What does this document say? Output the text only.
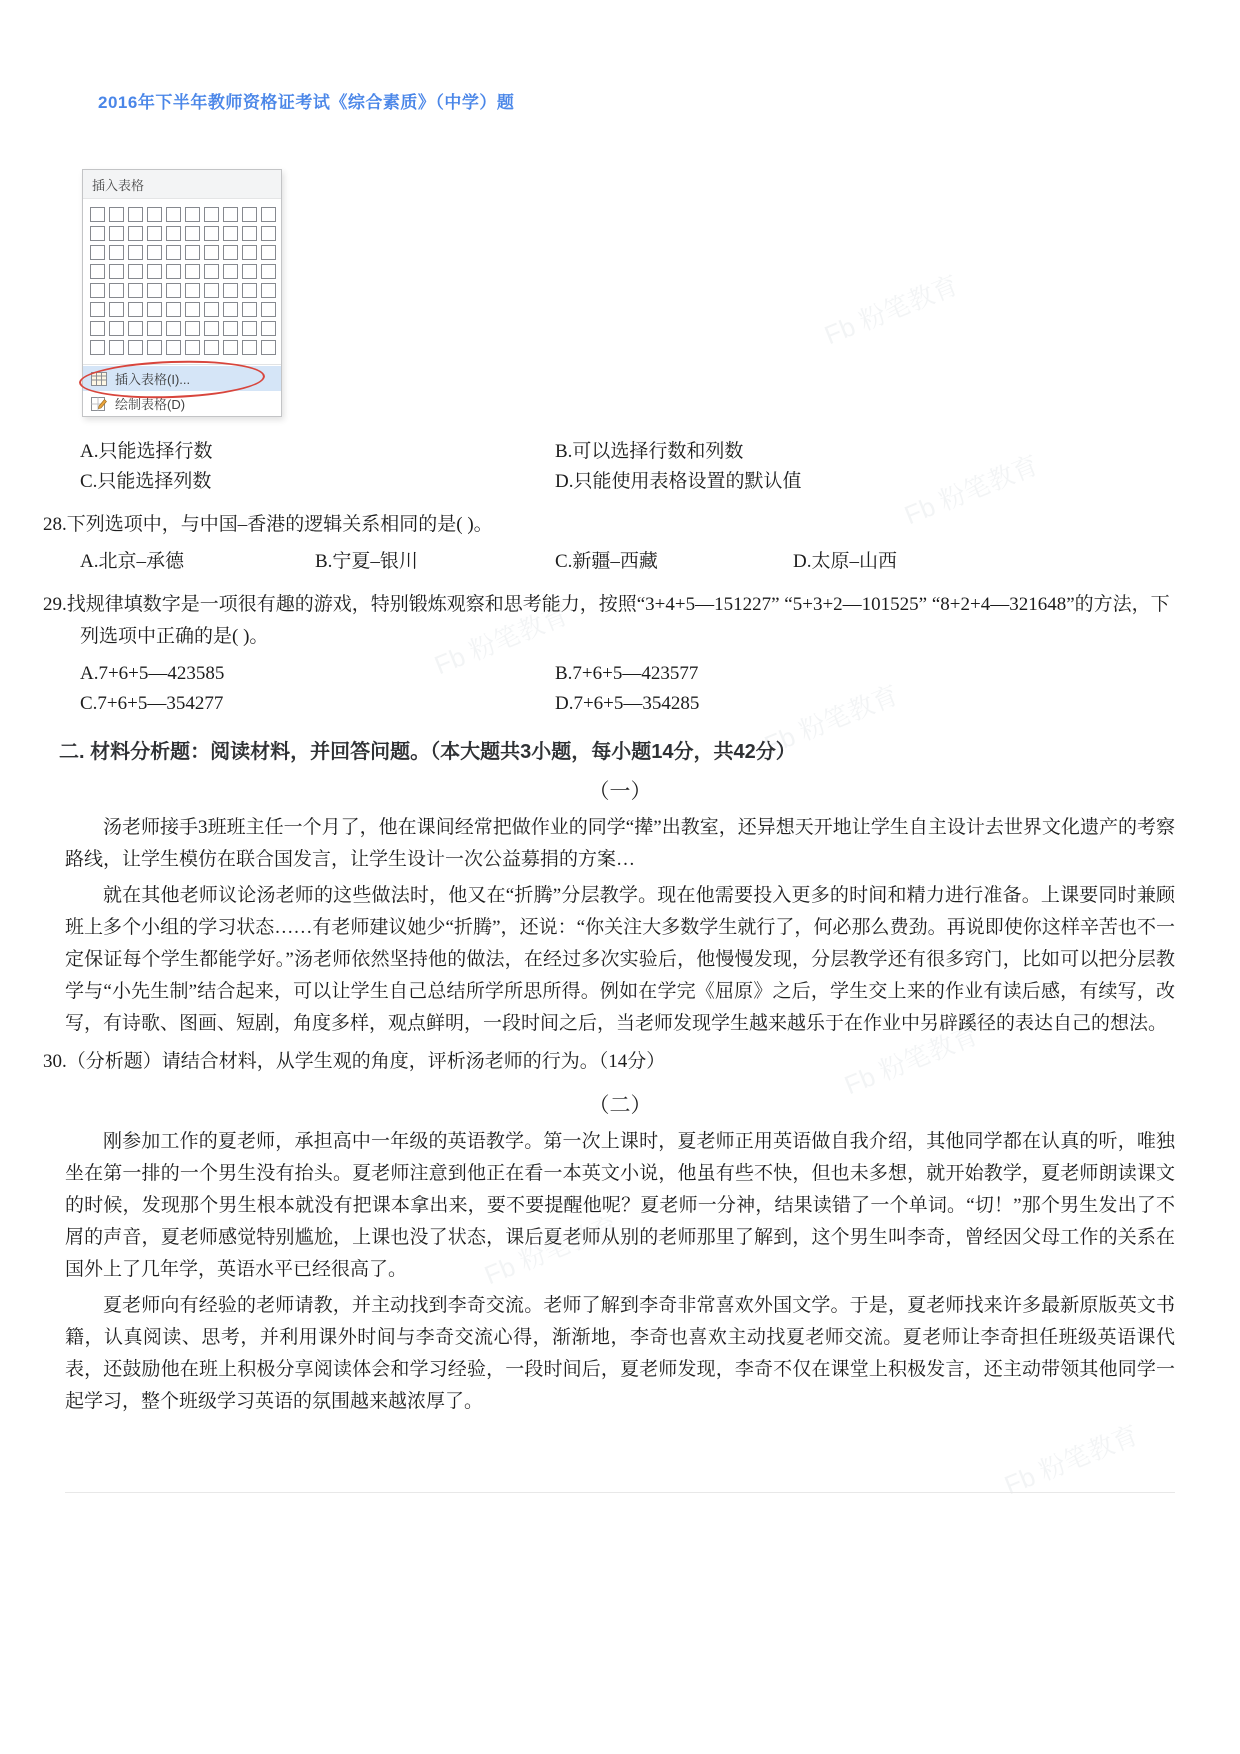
Fb 粉笔教育
Fb 粉笔教育
Fb 粉笔教育
Fb 粉笔教育
Fb 粉笔教育
Fb 粉笔教育
Fb 粉笔教育
2016年下半年教师资格证考试《综合素质》（中学）题
插入表格
插入表格(I)...
绘制表格(D)
A.只能选择行数	B.可以选择行数和列数
C.只能选择列数	D.只能使用表格设置的默认值

28.下列选项中，与中国–香港的逻辑关系相同的是( )。

A.北京–承德	B.宁夏–银川	C.新疆–西藏	D.太原–山西

29.找规律填数字是一项很有趣的游戏，特别锻炼观察和思考能力，按照“3+4+5—151227” “5+3+2—101525” “8+2+4—321648”的方法，下列选项中正确的是( )。

A.7+6+5—423585	B.7+6+5—423577
C.7+6+5—354277	D.7+6+5—354285
二. 材料分析题：阅读材料，并回答问题。（本大题共3小题，每小题14分，共42分）
（一）

汤老师接手3班班主任一个月了，他在课间经常把做作业的同学“撵”出教室，还异想天开地让学生自主设计去世界文化遗产的考察路线，让学生模仿在联合国发言，让学生设计一次公益募捐的方案…

就在其他老师议论汤老师的这些做法时，他又在“折腾”分层教学。现在他需要投入更多的时间和精力进行准备。上课要同时兼顾班上多个小组的学习状态……有老师建议她少“折腾”，还说：“你关注大多数学生就行了，何必那么费劲。再说即使你这样辛苦也不一定保证每个学生都能学好。”汤老师依然坚持他的做法，在经过多次实验后，他慢慢发现，分层教学还有很多窍门，比如可以把分层教学与“小先生制”结合起来，可以让学生自己总结所学所思所得。例如在学完《屈原》之后，学生交上来的作业有读后感，有续写，改写，有诗歌、图画、短剧，角度多样，观点鲜明，一段时间之后，当老师发现学生越来越乐于在作业中另辟蹊径的表达自己的想法。

30.（分析题）请结合材料，从学生观的角度，评析汤老师的行为。（14分）

（二）

刚参加工作的夏老师，承担高中一年级的英语教学。第一次上课时，夏老师正用英语做自我介绍，其他同学都在认真的听，唯独坐在第一排的一个男生没有抬头。夏老师注意到他正在看一本英文小说，他虽有些不快，但也未多想，就开始教学，夏老师朗读课文的时候，发现那个男生根本就没有把课本拿出来，要不要提醒他呢？夏老师一分神，结果读错了一个单词。“切！”那个男生发出了不屑的声音，夏老师感觉特别尴尬，上课也没了状态，课后夏老师从别的老师那里了解到，这个男生叫李奇，曾经因父母工作的关系在国外上了几年学，英语水平已经很高了。

夏老师向有经验的老师请教，并主动找到李奇交流。老师了解到李奇非常喜欢外国文学。于是，夏老师找来许多最新原版英文书籍，认真阅读、思考，并利用课外时间与李奇交流心得，渐渐地，李奇也喜欢主动找夏老师交流。夏老师让李奇担任班级英语课代表，还鼓励他在班上积极分享阅读体会和学习经验，一段时间后，夏老师发现，李奇不仅在课堂上积极发言，还主动带领其他同学一起学习，整个班级学习英语的氛围越来越浓厚了。
